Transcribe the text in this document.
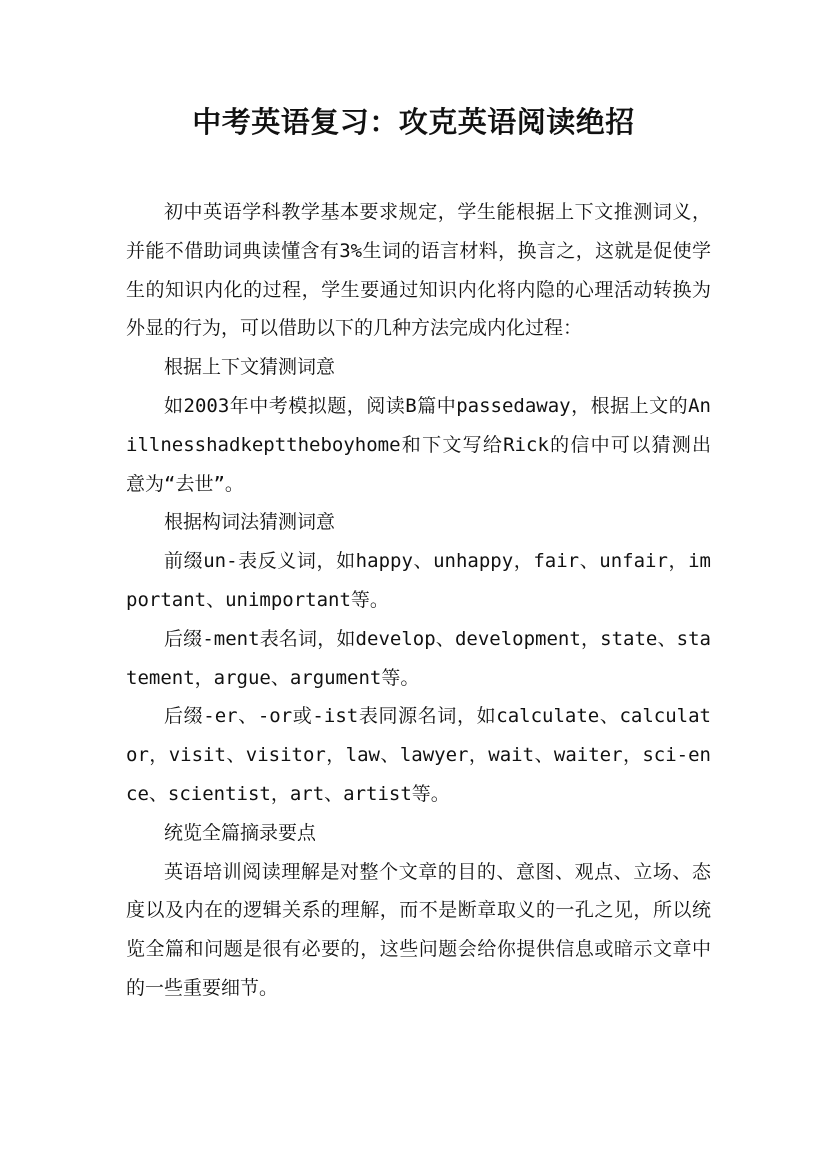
中考英语复习：攻克英语阅读绝招

初中英语学科教学基本要求规定，学生能根据上下文推测词义，并能不借助词典读懂含有3%生词的语言材料，换言之，这就是促使学生的知识内化的过程，学生要通过知识内化将内隐的心理活动转换为外显的行为，可以借助以下的几种方法完成内化过程：

根据上下文猜测词意

如2003年中考模拟题，阅读B篇中passedaway，根据上文的Anillnesshadkepttheboyhome和下文写给Rick的信中可以猜测出意为“去世”。

根据构词法猜测词意

前缀un-表反义词，如happy、unhappy，fair、unfair，important、unimportant等。

后缀-ment表名词，如develop、development，state、statement，argue、argument等。

后缀-er、-or或-ist表同源名词，如calculate、calculator，visit、visitor，law、lawyer，wait、waiter，sci-ence、scientist，art、artist等。

统览全篇摘录要点

英语培训阅读理解是对整个文章的目的、意图、观点、立场、态度以及内在的逻辑关系的理解，而不是断章取义的一孔之见，所以统览全篇和问题是很有必要的，这些问题会给你提供信息或暗示文章中的一些重要细节。
